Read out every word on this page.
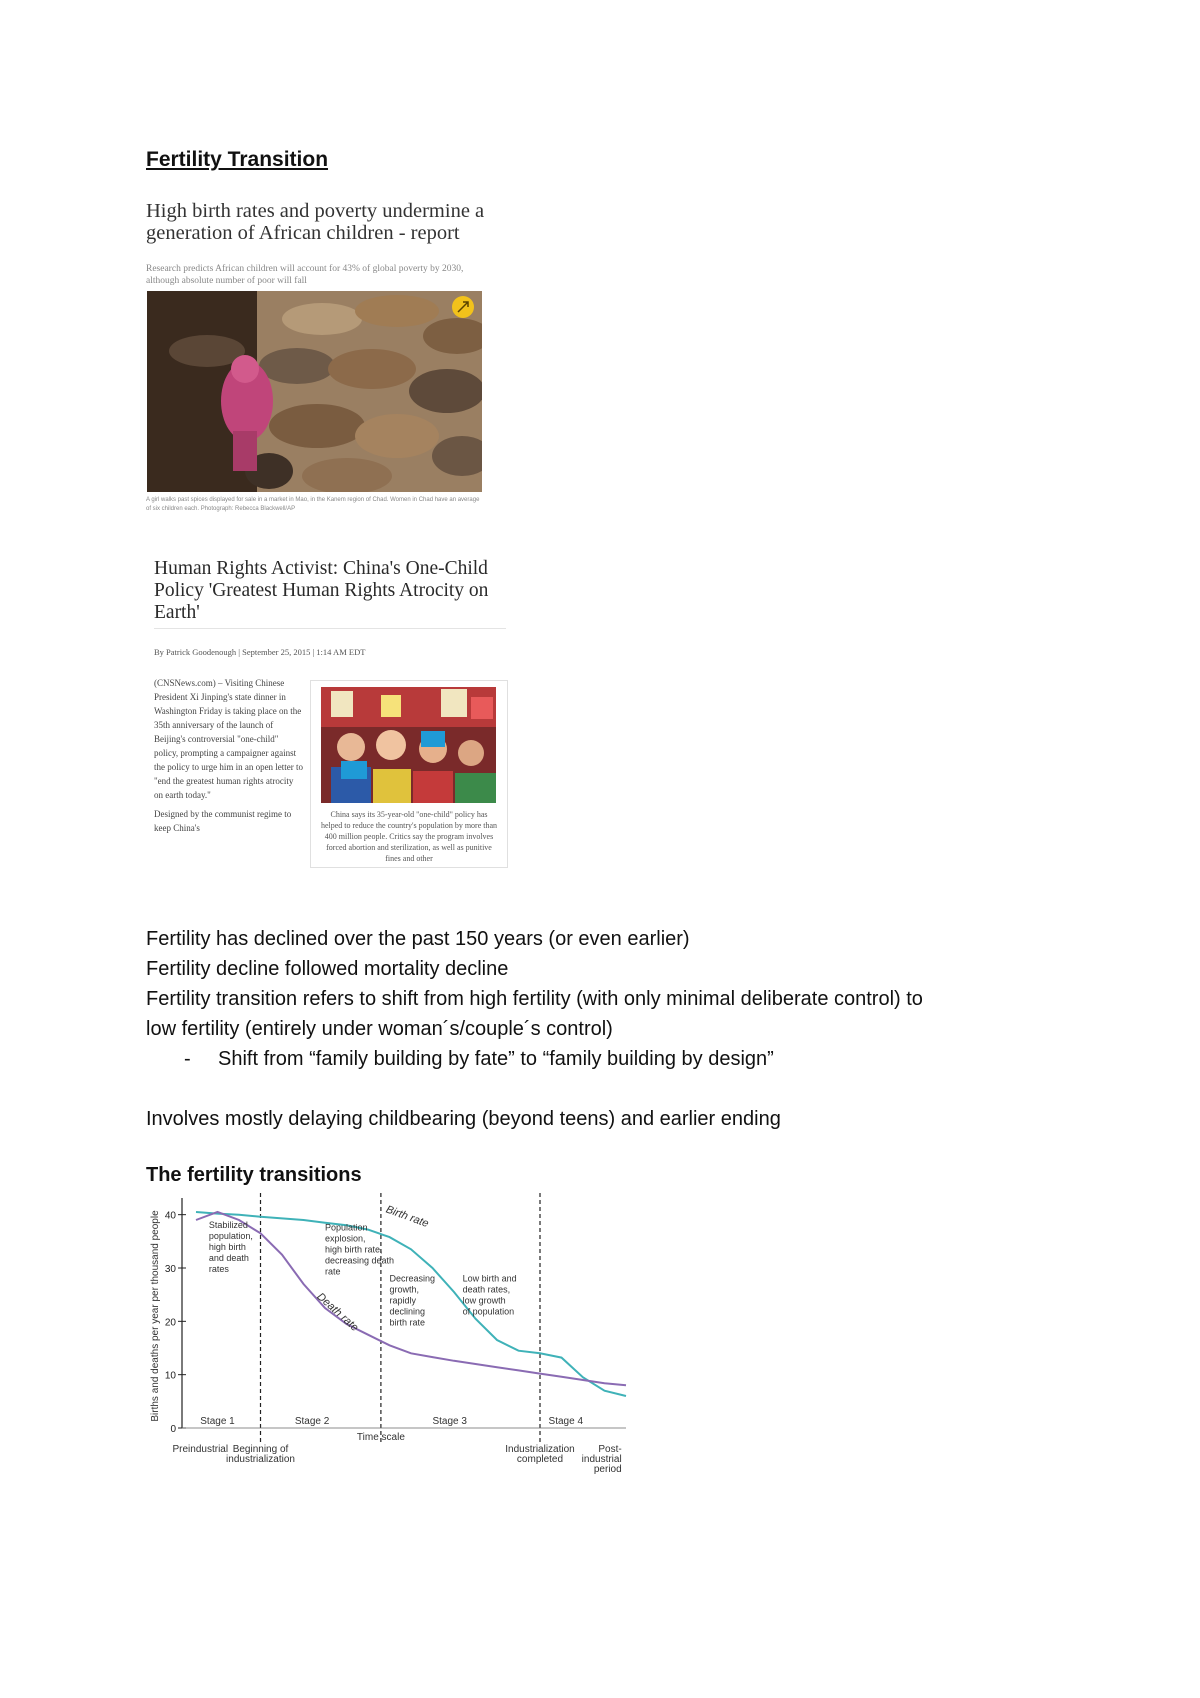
Fertility Transition
High birth rates and poverty undermine a generation of African children - report
Research predicts African children will account for 43% of global poverty by 2030, although absolute number of poor will fall
A girl walks past spices displayed for sale in a market in Mao, in the Kanem region of Chad. Women in Chad have an average of six children each. Photograph: Rebecca Blackwell/AP
Human Rights Activist: China's One-Child Policy 'Greatest Human Rights Atrocity on Earth'
By Patrick Goodenough | September 25, 2015 | 1:14 AM EDT

(CNSNews.com) – Visiting Chinese President Xi Jinping's state dinner in Washington Friday is taking place on the 35th anniversary of the launch of Beijing's controversial "one-child" policy, prompting a campaigner against the policy to urge him in an open letter to "end the greatest human rights atrocity on earth today."

Designed by the communist regime to keep China's

China says its 35-year-old "one-child" policy has helped to reduce the country's population by more than 400 million people. Critics say the program involves forced abortion and sterilization, as well as punitive fines and other
Fertility has declined over the past 150 years (or even earlier)
Fertility decline followed mortality decline
Fertility transition refers to shift from high fertility (with only minimal deliberate control) to
low fertility (entirely under woman´s/couple´s control)
- Shift from “family building by fate” to “family building by design”
Involves mostly delaying childbearing (beyond teens) and earlier ending
The fertility transitions
Births and deaths per year per thousand people
0
10
20
30
40
Stage 1	Stage 2	Stage 3	Stage 4
Birth rate
Death rate
Stabilized population, high birth and death rates
Population explosion, high birth rate, decreasing death rate
Decreasing growth, rapidly declining birth rate
Low birth and death rates, low growth of population
Time scale
Preindustrial Beginning of industrialization
Industrialization completed
Post-industrial period
